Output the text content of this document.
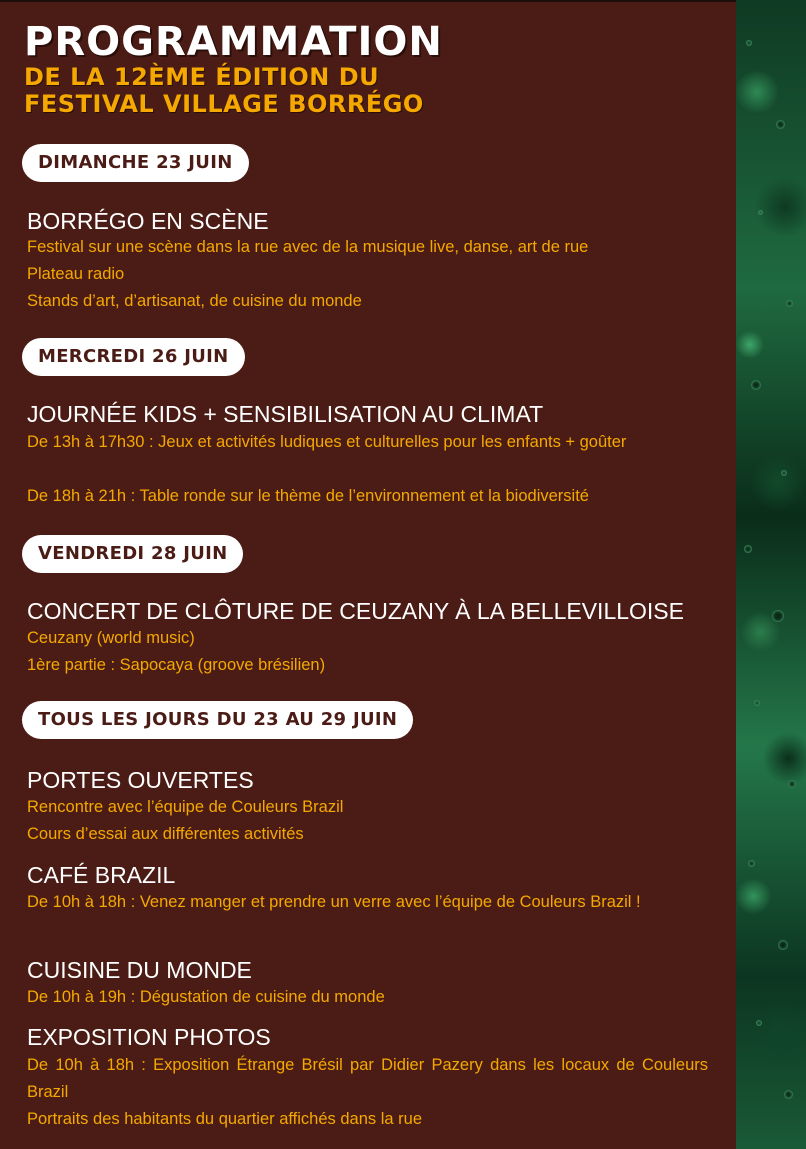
PROGRAMMATION
DE LA 12ÈME ÉDITION DU
FESTIVAL VILLAGE BORRÉGO
DIMANCHE 23 JUIN
BORRÉGO EN SCÈNE
Festival sur une scène dans la rue avec de la musique live, danse, art de rue
Plateau radio
Stands d’art, d’artisanat, de cuisine du monde
MERCREDI 26 JUIN
JOURNÉE KIDS + SENSIBILISATION AU CLIMAT
De 13h à 17h30 : Jeux et activités ludiques et culturelles pour les enfants + goûter
De 18h à 21h : Table ronde sur le thème de l’environnement et la biodiversité
VENDREDI 28 JUIN
CONCERT DE CLÔTURE DE CEUZANY À LA BELLEVILLOISE
Ceuzany (world music)
1ère partie : Sapocaya (groove brésilien)
TOUS LES JOURS DU 23 AU 29 JUIN
PORTES OUVERTES
Rencontre avec l’équipe de Couleurs Brazil
Cours d’essai aux différentes activités
CAFÉ BRAZIL
De 10h à 18h : Venez manger et prendre un verre avec l’équipe de Couleurs Brazil !
CUISINE DU MONDE
De 10h à 19h : Dégustation de cuisine du monde
EXPOSITION PHOTOS
De 10h à 18h : Exposition Étrange Brésil par Didier Pazery dans les locaux de Couleurs Brazil
Portraits des habitants du quartier affichés dans la rue
